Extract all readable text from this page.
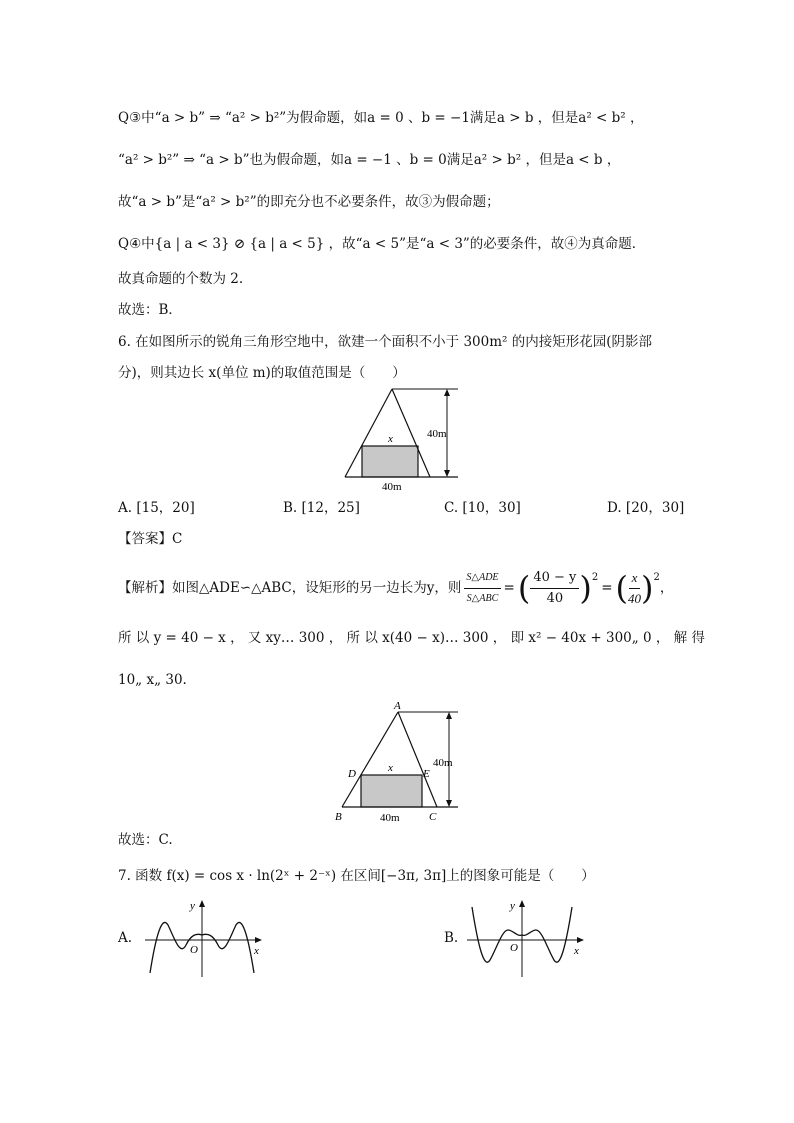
Q③中“a > b” ⇒ “a² > b²”为假命题，如a = 0 、b = −1满足a > b ，但是a² < b² ，
“a² > b²” ⇒ “a > b”也为假命题，如a = −1 、b = 0满足a² > b² ，但是a < b ，
故“a > b”是“a² > b²”的即充分也不必要条件，故③为假命题；
Q④中{a | a < 3} ⊘ {a | a < 5} ，故“a < 5”是“a < 3”的必要条件，故④为真命题．
故真命题的个数为 2.
故选：B．
6. 在如图所示的锐角三角形空地中，欲建一个面积不小于 300m² 的内接矩形花园(阴影部
分)，则其边长 x(单位 m)的取值范围是（　　）
x	40m
40m
A. [15，20]	B. [12，25]	C. [10，30]	D. [20，30]
【答案】C
【解析】如图△ADE∽△ABC，设矩形的另一边长为y，则
S△ADE
S△ABC
= ( $\frac{40 - y}{40} )^2$
= ( $\frac{x}{40} )^2$
，
所 以 y = 40 − x ， 又 xy… 300 ， 所 以 x(40 − x)… 300 ， 即 x² − 40x + 300„ 0 ， 解 得
10„ x„ 30.
A
D	E
B	C
x	40m
40m
故选：C.
7. 函数 f(x) = cos x · ln(2ˣ + 2⁻ˣ) 在区间[−3π, 3π]上的图象可能是（　　）
A.
y
x
O
B.
y
x
O
